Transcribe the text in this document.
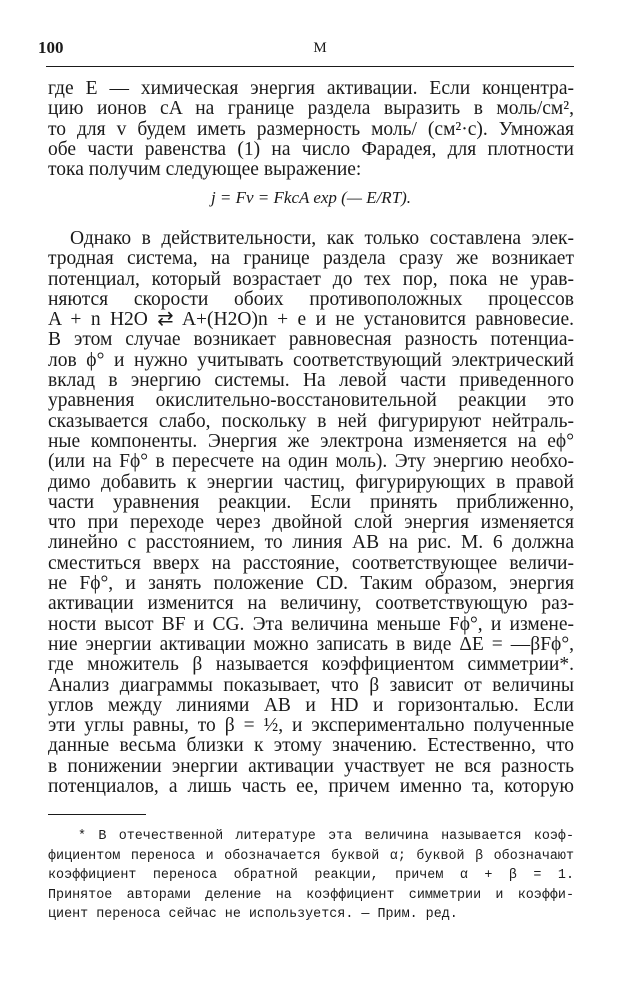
100	М
где E — химическая энергия активации. Если концентра-
цию ионов cA на границе раздела выразить в моль/см²,
то для v будем иметь размерность моль/ (см²·с). Умножая
обе части равенства (1) на число Фарадея, для плотности
тока получим следующее выражение:
j = Fv = FkcA exp (— E/RT).
Однако в действительности, как только составлена элек-
тродная система, на границе раздела сразу же возникает
потенциал, который возрастает до тех пор, пока не урав-
няются скорости обоих противоположных процессов
A + n H2O ⇄ A+(H2O)n + e и не установится равновесие.
В этом случае возникает равновесная разность потенциа-
лов ϕ° и нужно учитывать соответствующий электрический
вклад в энергию системы. На левой части приведенного
уравнения окислительно-восстановительной реакции это
сказывается слабо, поскольку в ней фигурируют нейтраль-
ные компоненты. Энергия же электрона изменяется на eϕ°
(или на Fϕ° в пересчете на один моль). Эту энергию необхо-
димо добавить к энергии частиц, фигурирующих в правой
части уравнения реакции. Если принять приближенно,
что при переходе через двойной слой энергия изменяется
линейно с расстоянием, то линия AB на рис. М. 6 должна
сместиться вверх на расстояние, соответствующее величи-
не Fϕ°, и занять положение CD. Таким образом, энергия
активации изменится на величину, соответствующую раз-
ности высот BF и CG. Эта величина меньше Fϕ°, и измене-
ние энергии активации можно записать в виде ΔE = —βFϕ°,
где множитель β называется коэффициентом симметрии*.
Анализ диаграммы показывает, что β зависит от величины
углов между линиями AB и HD и горизонталью. Если
эти углы равны, то β = ½, и экспериментально полученные
данные весьма близки к этому значению. Естественно, что
в понижении энергии активации участвует не вся разность
потенциалов, а лишь часть ее, причем именно та, которую
* В отечественной литературе эта величина называется коэф-
фициентом переноса и обозначается буквой α; буквой β обозначают
коэффициент переноса обратной реакции, причем α + β = 1.
Принятое авторами деление на коэффициент симметрии и коэффи-
циент переноса сейчас не используется. — Прим. ред.
